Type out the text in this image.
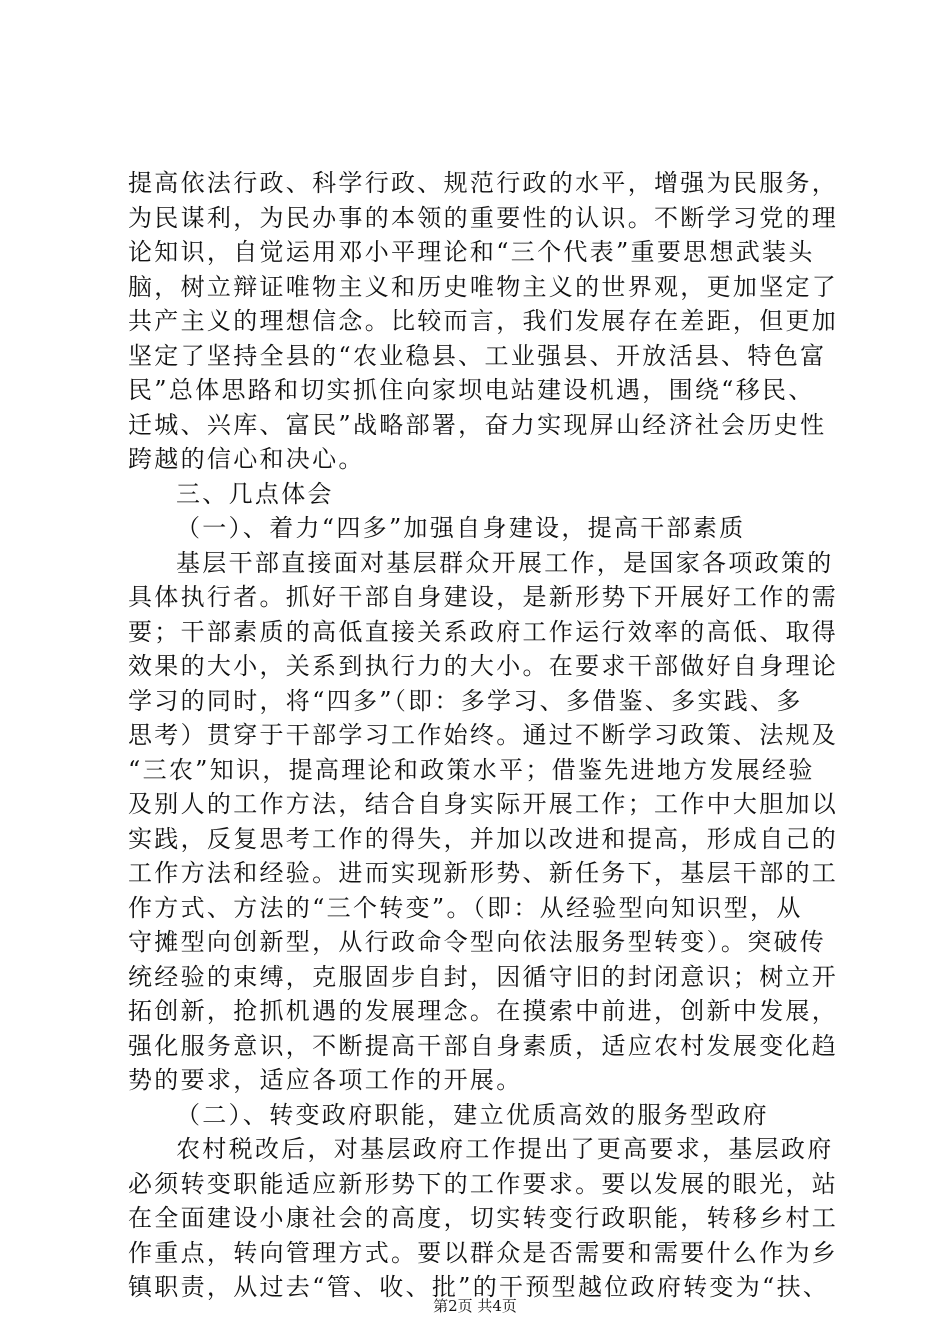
提高依法行政、科学行政、规范行政的水平，增强为民服务，
为民谋利，为民办事的本领的重要性的认识。不断学习党的理
论知识，自觉运用邓小平理论和“三个代表”重要思想武装头
脑，树立辩证唯物主义和历史唯物主义的世界观，更加坚定了
共产主义的理想信念。比较而言，我们发展存在差距，但更加
坚定了坚持全县的“农业稳县、工业强县、开放活县、特色富
民”总体思路和切实抓住向家坝电站建设机遇，围绕“移民、
迁城、兴库、富民”战略部署，奋力实现屏山经济社会历史性
跨越的信心和决心。
三、几点体会
（一）、着力“四多”加强自身建设，提高干部素质
基层干部直接面对基层群众开展工作，是国家各项政策的
具体执行者。抓好干部自身建设，是新形势下开展好工作的需
要；干部素质的高低直接关系政府工作运行效率的高低、取得
效果的大小，关系到执行力的大小。在要求干部做好自身理论
学习的同时，将“四多”（即：多学习、多借鉴、多实践、多
思考）贯穿于干部学习工作始终。通过不断学习政策、法规及
“三农”知识，提高理论和政策水平；借鉴先进地方发展经验
及别人的工作方法，结合自身实际开展工作；工作中大胆加以
实践，反复思考工作的得失，并加以改进和提高，形成自己的
工作方法和经验。进而实现新形势、新任务下，基层干部的工
作方式、方法的“三个转变”。（即：从经验型向知识型，从
守摊型向创新型，从行政命令型向依法服务型转变）。突破传
统经验的束缚，克服固步自封，因循守旧的封闭意识；树立开
拓创新，抢抓机遇的发展理念。在摸索中前进，创新中发展，
强化服务意识，不断提高干部自身素质，适应农村发展变化趋
势的要求，适应各项工作的开展。
（二）、转变政府职能，建立优质高效的服务型政府
农村税改后，对基层政府工作提出了更高要求，基层政府
必须转变职能适应新形势下的工作要求。要以发展的眼光，站
在全面建设小康社会的高度，切实转变行政职能，转移乡村工
作重点，转向管理方式。要以群众是否需要和需要什么作为乡
镇职责，从过去“管、收、批”的干预型越位政府转变为“扶、
第2页 共4页
